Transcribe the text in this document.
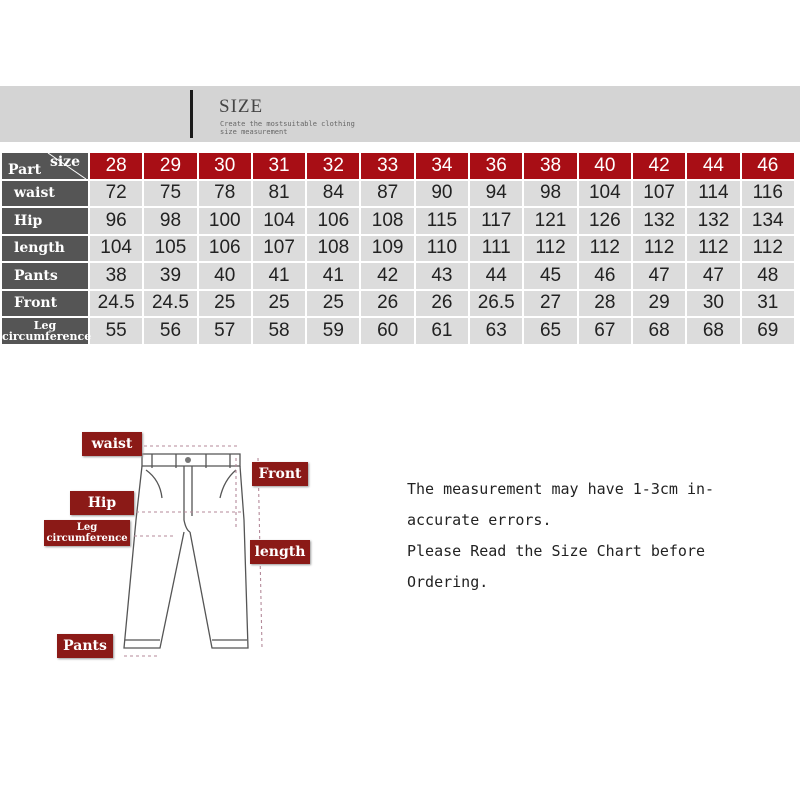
SIZE
Create the mostsuitable clothing
size measurement
size
Part	28	29	30	31	32	33	34	36	38	40	42	44	46
waist	72	75	78	81	84	87	90	94	98	104	107	114	116
Hip	96	98	100	104	106	108	115	117	121	126	132	132	134
length	104	105	106	107	108	109	110	111	112	112	112	112	112
Pants	38	39	40	41	41	42	43	44	45	46	47	47	48
Front	24.5	24.5	25	25	25	26	26	26.5	27	28	29	30	31
Leg
circumference	55	56	57	58	59	60	61	63	65	67	68	68	69
waist
Hip
Leg
circumference
Pants
Front
length

The measurement may have 1-3cm in-

accurate errors.

Please Read the Size Chart before

Ordering.
